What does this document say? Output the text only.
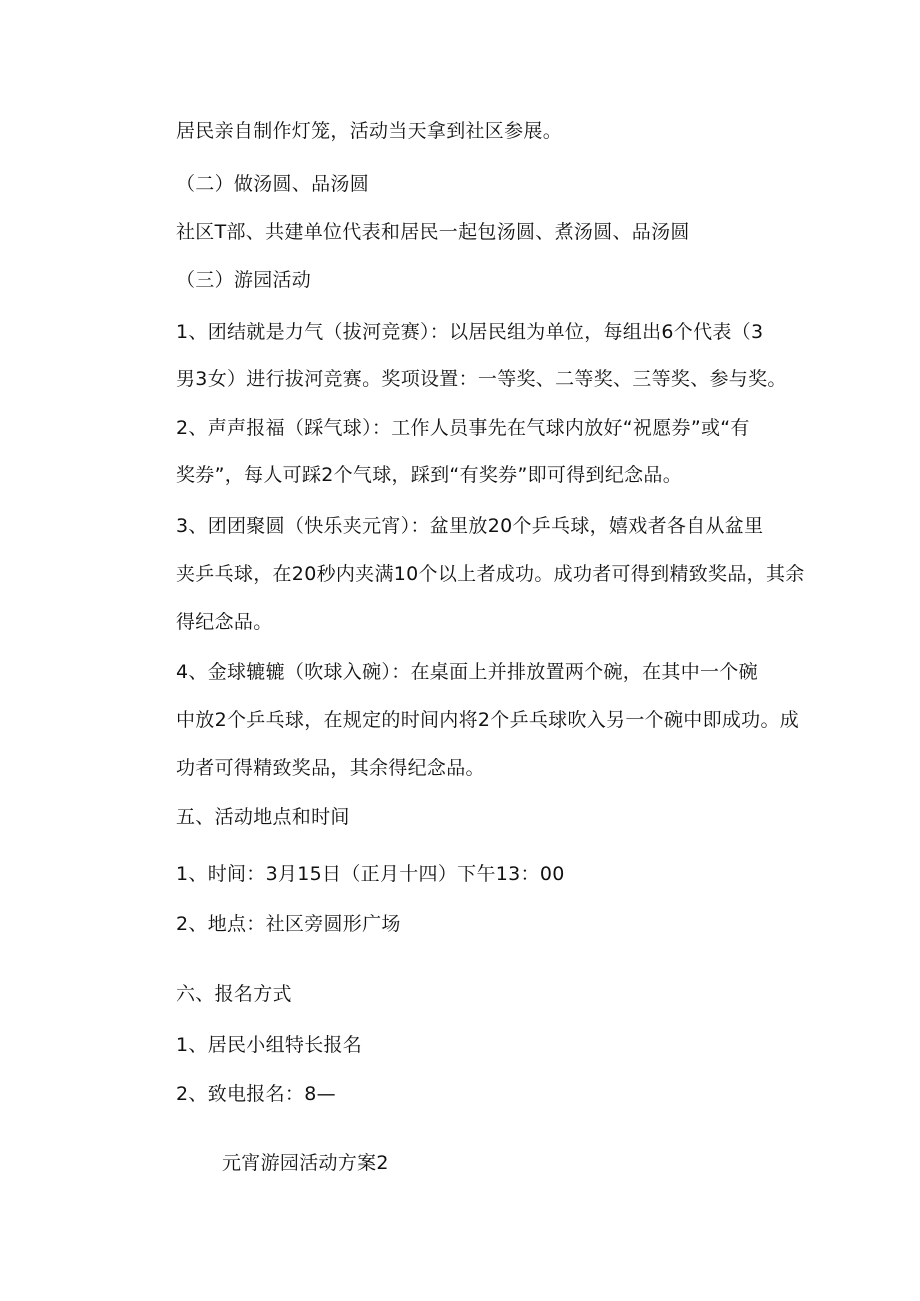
居民亲自制作灯笼，活动当天拿到社区参展。
（二）做汤圆、品汤圆
社区T部、共建单位代表和居民一起包汤圆、煮汤圆、品汤圆
（三）游园活动
1、团结就是力气（拔河竞赛）：以居民组为单位，每组出6个代表（3
男3女）进行拔河竞赛。奖项设置：一等奖、二等奖、三等奖、参与奖。
2、声声报福（踩气球）：工作人员事先在气球内放好“祝愿券”或“有
奖券”，每人可踩2个气球，踩到“有奖券”即可得到纪念品。
3、团团聚圆（快乐夹元宵）：盆里放20个乒乓球，嬉戏者各自从盆里
夹乒乓球，在20秒内夹满10个以上者成功。成功者可得到精致奖品，其余
得纪念品。
4、金球辘辘（吹球入碗）：在桌面上并排放置两个碗，在其中一个碗
中放2个乒乓球，在规定的时间内将2个乒乓球吹入另一个碗中即成功。成
功者可得精致奖品，其余得纪念品。
五、活动地点和时间
1、时间：3月15日（正月十四）下午13：00
2、地点：社区旁圆形广场
六、报名方式
1、居民小组特长报名
2、致电报名：8—
元宵游园活动方案2
